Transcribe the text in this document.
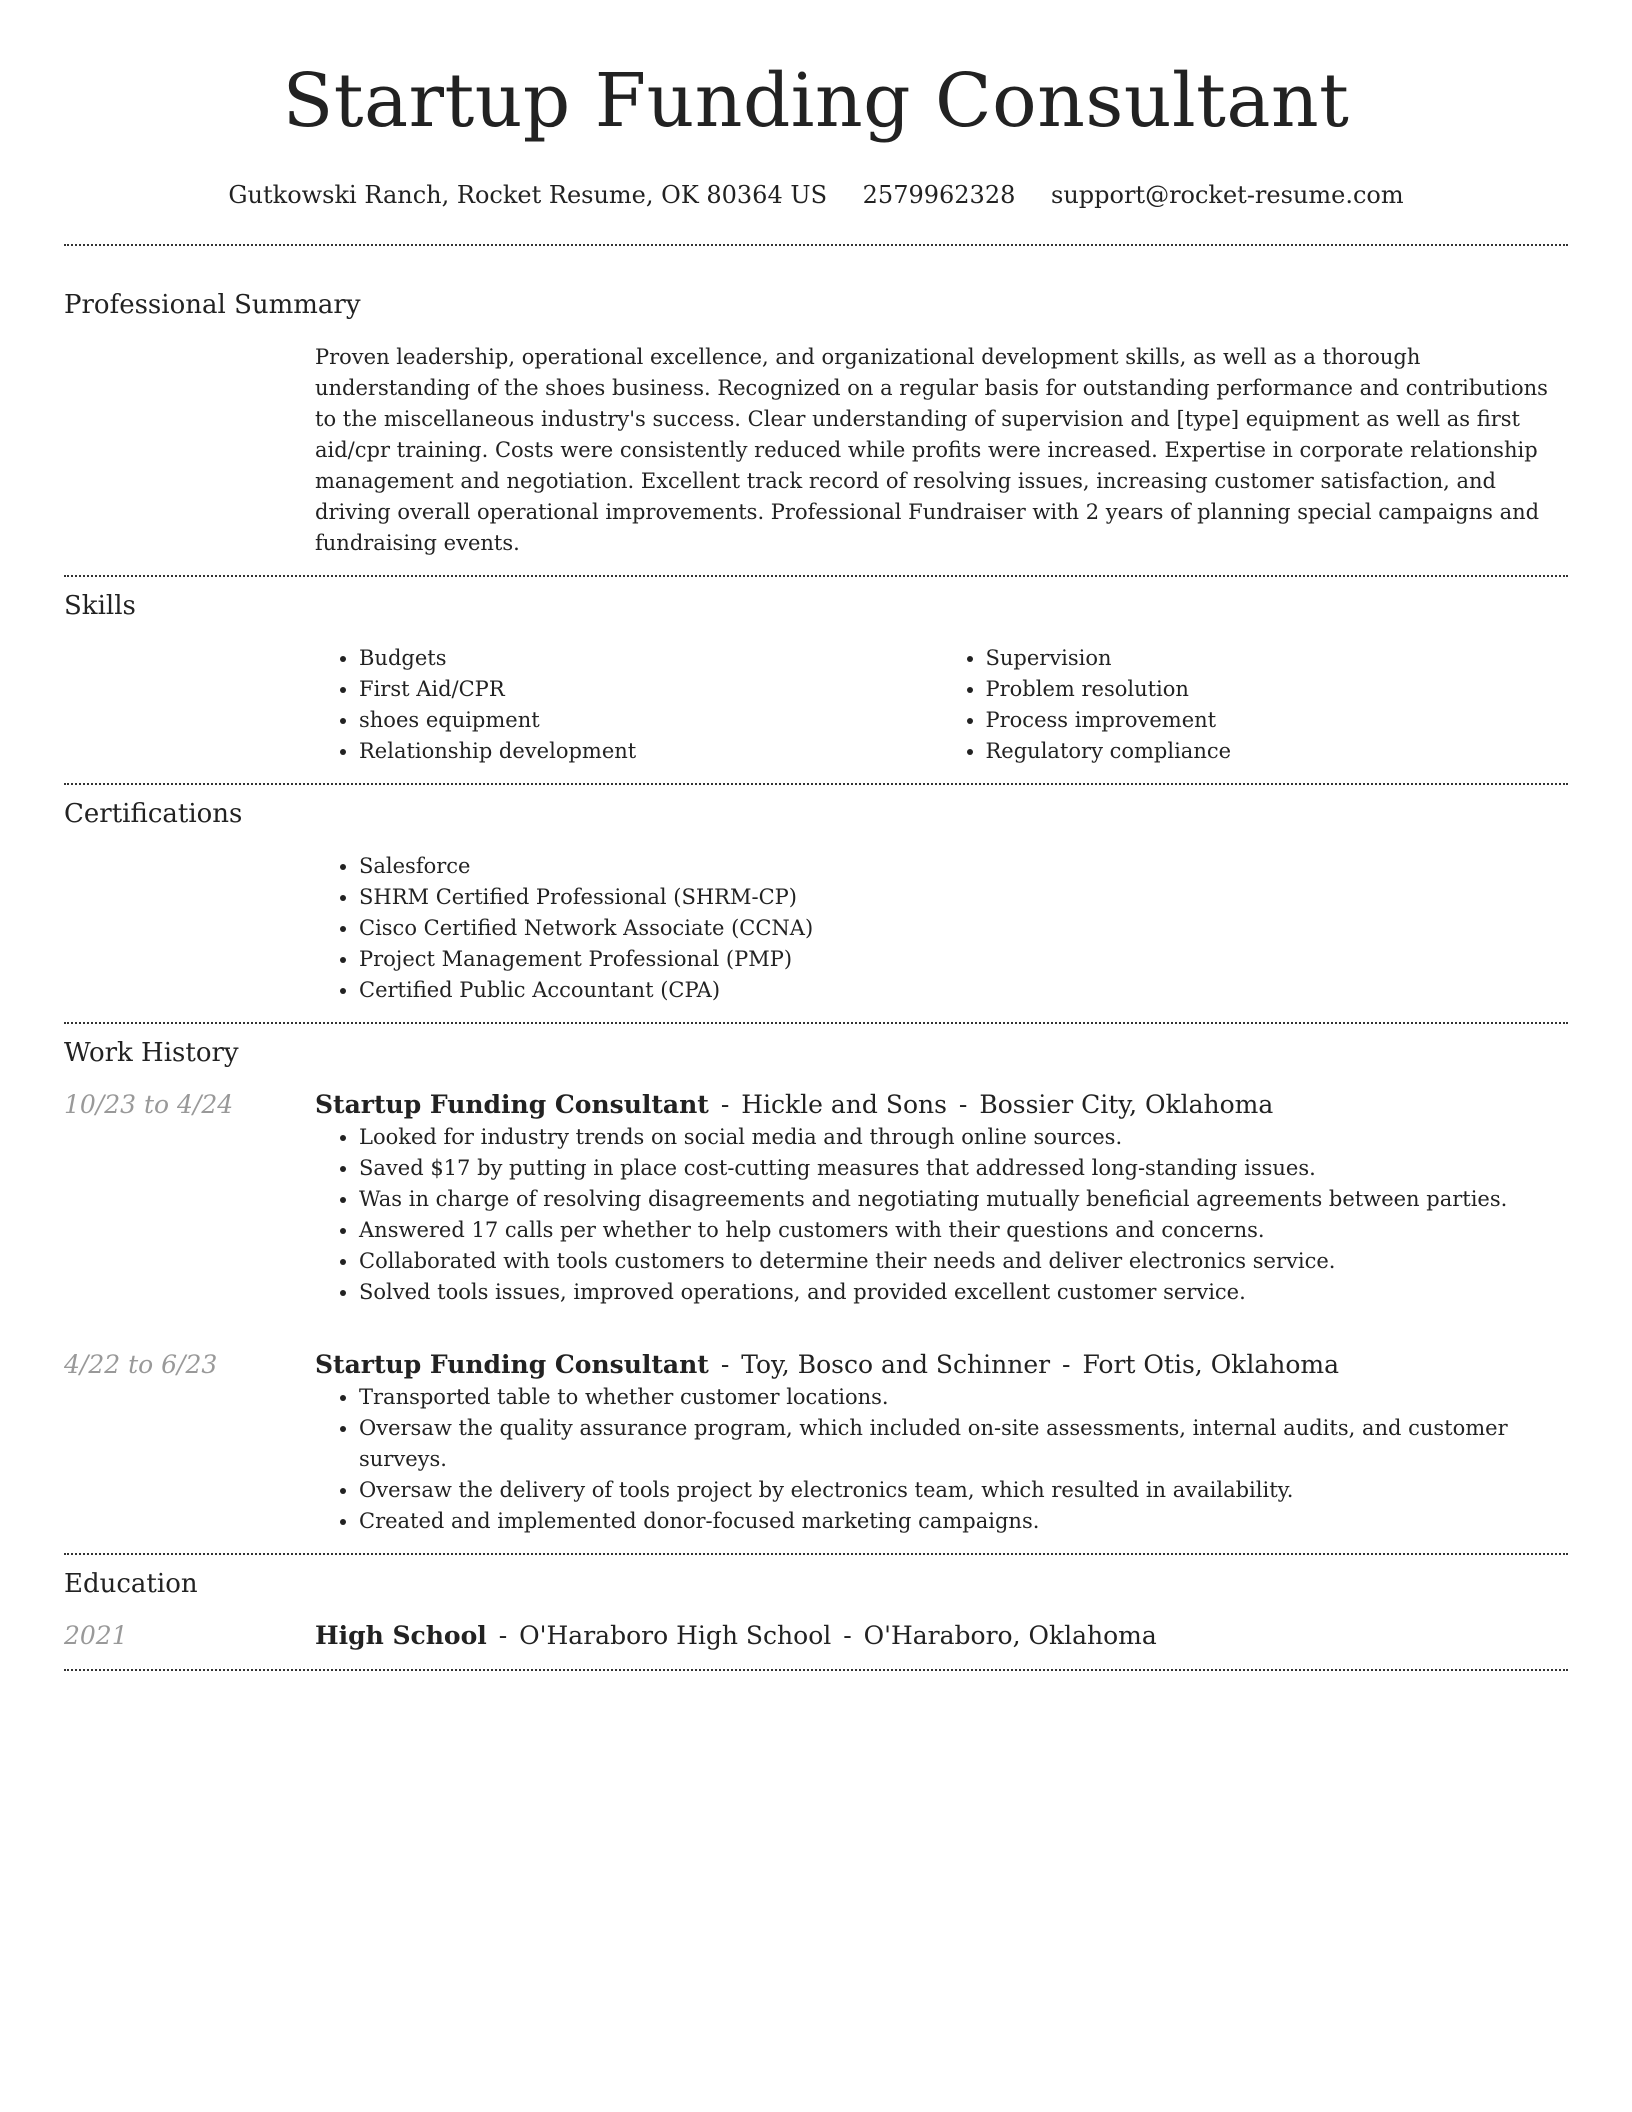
Startup Funding Consultant
Gutkowski Ranch, Rocket Resume, OK 80364 US 2579962328 support@rocket-resume.com
Professional Summary
Proven leadership, operational excellence, and organizational development skills, as well as a thorough understanding of the shoes business. Recognized on a regular basis for outstanding performance and contributions to the miscellaneous industry's success. Clear understanding of supervision and [type] equipment as well as first aid/cpr training. Costs were consistently reduced while profits were increased. Expertise in corporate relationship management and negotiation. Excellent track record of resolving issues, increasing customer satisfaction, and driving overall operational improvements. Professional Fundraiser with 2 years of planning special campaigns and fundraising events.
Skills
• Budgets
• First Aid/CPR
• shoes equipment
• Relationship development
• Supervision
• Problem resolution
• Process improvement
• Regulatory compliance
Certifications
• Salesforce
• SHRM Certified Professional (SHRM-CP)
• Cisco Certified Network Associate (CCNA)
• Project Management Professional (PMP)
• Certified Public Accountant (CPA)
Work History
10/23 to 4/24	Startup Funding Consultant - Hickle and Sons - Bossier City, Oklahoma
• Looked for industry trends on social media and through online sources.
• Saved $17 by putting in place cost-cutting measures that addressed long-standing issues.
• Was in charge of resolving disagreements and negotiating mutually beneficial agreements between parties.
• Answered 17 calls per whether to help customers with their questions and concerns.
• Collaborated with tools customers to determine their needs and deliver electronics service.
• Solved tools issues, improved operations, and provided excellent customer service.
4/22 to 6/23	Startup Funding Consultant - Toy, Bosco and Schinner - Fort Otis, Oklahoma
• Transported table to whether customer locations.
• Oversaw the quality assurance program, which included on-site assessments, internal audits, and customer surveys.
• Oversaw the delivery of tools project by electronics team, which resulted in availability.
• Created and implemented donor-focused marketing campaigns.
Education
2021	High School - O'Haraboro High School - O'Haraboro, Oklahoma
